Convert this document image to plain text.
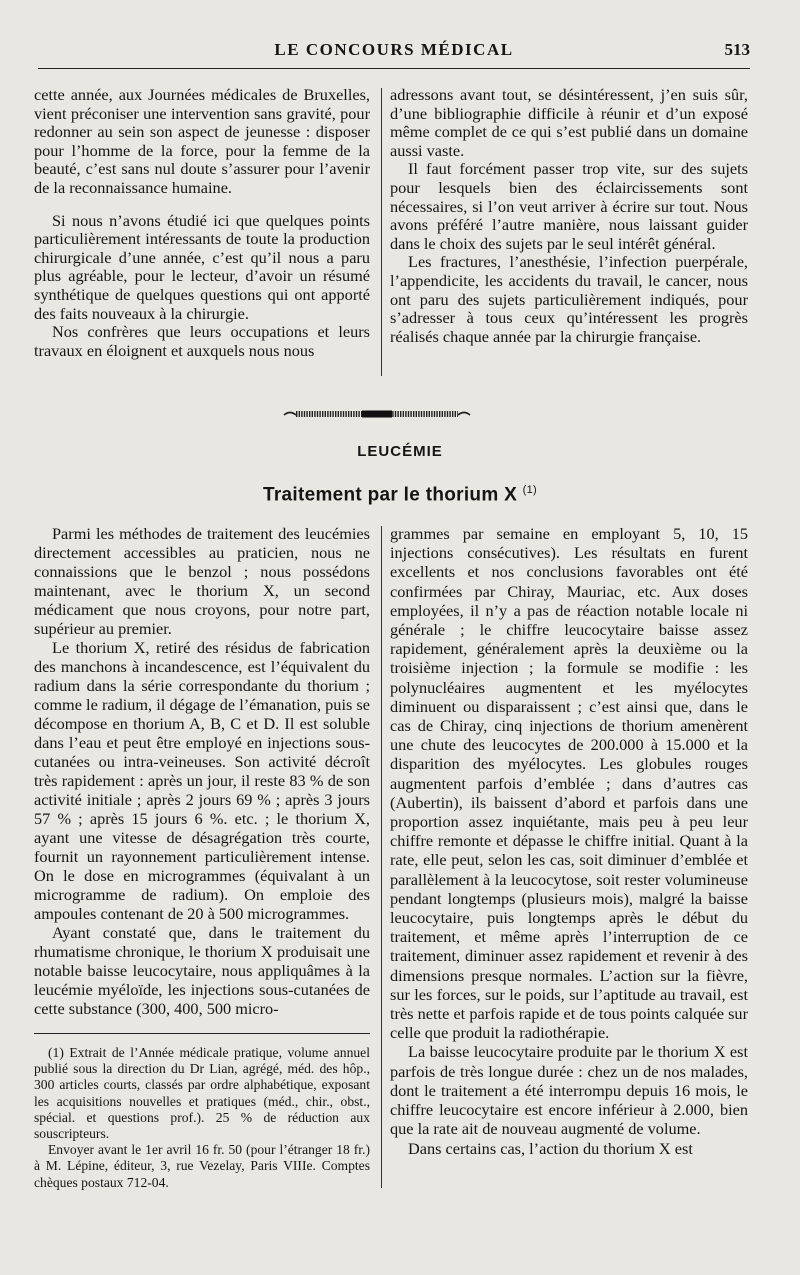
LE CONCOURS MÉDICAL	513

cette année, aux Journées médicales de Bruxelles, vient préconiser une intervention sans gravité, pour redonner au sein son aspect de jeunesse : disposer pour l’homme de la force, pour la femme de la beauté, c’est sans nul doute s’assurer pour l’avenir de la reconnaissance humaine.

Si nous n’avons étudié ici que quelques points particulièrement intéressants de toute la production chirurgicale d’une année, c’est qu’il nous a paru plus agréable, pour le lecteur, d’avoir un résumé synthétique de quelques questions qui ont apporté des faits nouveaux à la chirurgie.

Nos confrères que leurs occupations et leurs travaux en éloignent et auxquels nous nous

adressons avant tout, se désintéressent, j’en suis sûr, d’une bibliographie difficile à réunir et d’un exposé même complet de ce qui s’est publié dans un domaine aussi vaste.

Il faut forcément passer trop vite, sur des sujets pour lesquels bien des éclaircissements sont nécessaires, si l’on veut arriver à écrire sur tout. Nous avons préféré l’autre manière, nous laissant guider dans le choix des sujets par le seul intérêt général.

Les fractures, l’anesthésie, l’infection puerpérale, l’appendicite, les accidents du travail, le cancer, nous ont paru des sujets particulièrement indiqués, pour s’adresser à tous ceux qu’intéressent les progrès réalisés chaque année par la chirurgie française.

LEUCÉMIE
Traitement par le thorium X $^{(1)}$

Parmi les méthodes de traitement des leucémies directement accessibles au praticien, nous ne connaissions que le benzol ; nous possédons maintenant, avec le thorium X, un second médicament que nous croyons, pour notre part, supérieur au premier.

Le thorium X, retiré des résidus de fabrication des manchons à incandescence, est l’équivalent du radium dans la série correspondante du thorium ; comme le radium, il dégage de l’émanation, puis se décompose en thorium A, B, C et D. Il est soluble dans l’eau et peut être employé en injections sous-cutanées ou intra-veineuses. Son activité décroît très rapidement : après un jour, il reste 83 % de son activité initiale ; après 2 jours 69 % ; après 3 jours 57 % ; après 15 jours 6 %. etc. ; le thorium X, ayant une vitesse de désagrégation très courte, fournit un rayonnement particulièrement intense. On le dose en microgrammes (équivalant à un microgramme de radium). On emploie des ampoules contenant de 20 à 500 microgrammes.

Ayant constaté que, dans le traitement du rhumatisme chronique, le thorium X produisait une notable baisse leucocytaire, nous appliquâmes à la leucémie myéloïde, les injections sous-cutanées de cette substance (300, 400, 500 micro-

(1) Extrait de l’Année médicale pratique, volume annuel publié sous la direction du Dr Lian, agrégé, méd. des hôp., 300 articles courts, classés par ordre alphabétique, exposant les acquisitions nouvelles et pratiques (méd., chir., obst., spécial. et questions prof.). 25 % de réduction aux souscripteurs.

Envoyer avant le 1er avril 16 fr. 50 (pour l’étranger 18 fr.) à M. Lépine, éditeur, 3, rue Vezelay, Paris VIIIe. Comptes chèques postaux 712-04.

grammes par semaine en employant 5, 10, 15 injections consécutives). Les résultats en furent excellents et nos conclusions favorables ont été confirmées par Chiray, Mauriac, etc. Aux doses employées, il n’y a pas de réaction notable locale ni générale ; le chiffre leucocytaire baisse assez rapidement, généralement après la deuxième ou la troisième injection ; la formule se modifie : les polynucléaires augmentent et les myélocytes diminuent ou disparaissent ; c’est ainsi que, dans le cas de Chiray, cinq injections de thorium amenèrent une chute des leucocytes de 200.000 à 15.000 et la disparition des myélocytes. Les globules rouges augmentent parfois d’emblée ; dans d’autres cas (Aubertin), ils baissent d’abord et parfois dans une proportion assez inquiétante, mais peu à peu leur chiffre remonte et dépasse le chiffre initial. Quant à la rate, elle peut, selon les cas, soit diminuer d’emblée et parallèlement à la leucocytose, soit rester volumineuse pendant longtemps (plusieurs mois), malgré la baisse leucocytaire, puis longtemps après le début du traitement, et même après l’interruption de ce traitement, diminuer assez rapidement et revenir à des dimensions presque normales. L’action sur la fièvre, sur les forces, sur le poids, sur l’aptitude au travail, est très nette et parfois rapide et de tous points calquée sur celle que produit la radiothérapie.

La baisse leucocytaire produite par le thorium X est parfois de très longue durée : chez un de nos malades, dont le traitement a été interrompu depuis 16 mois, le chiffre leucocytaire est encore inférieur à 2.000, bien que la rate ait de nouveau augmenté de volume.

Dans certains cas, l’action du thorium X est
